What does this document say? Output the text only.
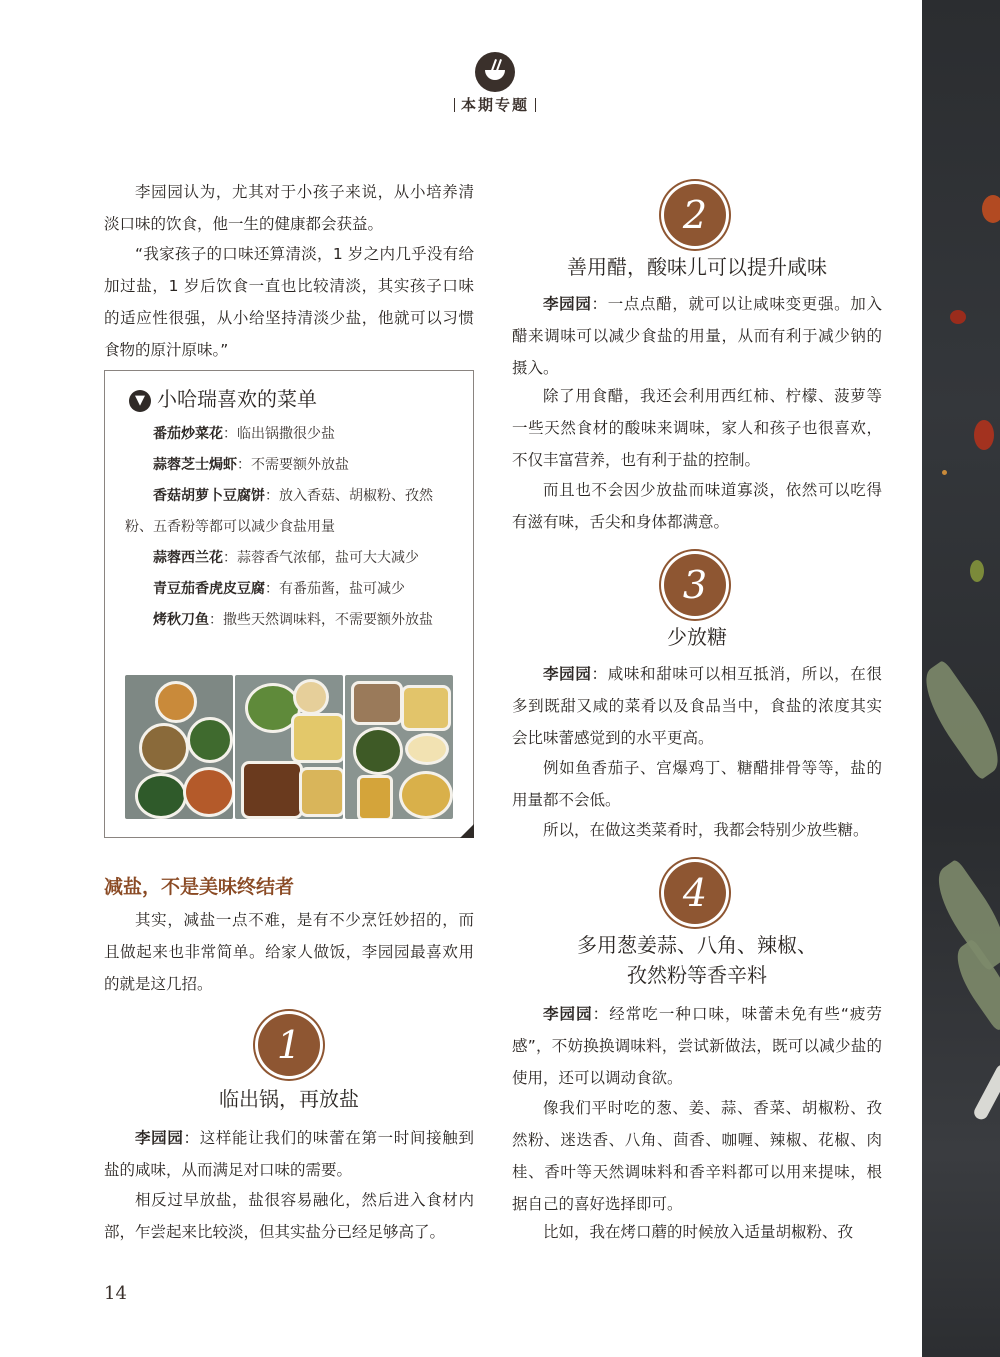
本期专题

李园园认为，尤其对于小孩子来说，从小培养清淡口味的饮食，他一生的健康都会获益。

“我家孩子的口味还算清淡，1 岁之内几乎没有给加过盐，1 岁后饮食一直也比较清淡，其实孩子口味的适应性很强，从小给坚持清淡少盐，他就可以习惯食物的原汁原味。”

▼ 小哈瑞喜欢的菜单
番茄炒菜花：临出锅撒很少盐
蒜蓉芝士焗虾：不需要额外放盐
香菇胡萝卜豆腐饼：放入香菇、胡椒粉、孜然粉、五香粉等都可以减少食盐用量
蒜蓉西兰花：蒜蓉香气浓郁，盐可大大减少
青豆茄香虎皮豆腐：有番茄酱，盐可减少
烤秋刀鱼：撒些天然调味料，不需要额外放盐
减盐，不是美味终结者

其实，减盐一点不难，是有不少烹饪妙招的，而且做起来也非常简单。给家人做饭，李园园最喜欢用的就是这几招。

1
临出锅，再放盐

李园园：这样能让我们的味蕾在第一时间接触到盐的咸味，从而满足对口味的需要。

相反过早放盐，盐很容易融化，然后进入食材内部，乍尝起来比较淡，但其实盐分已经足够高了。

2
善用醋，酸味儿可以提升咸味

李园园：一点点醋，就可以让咸味变更强。加入醋来调味可以减少食盐的用量，从而有利于减少钠的摄入。

除了用食醋，我还会利用西红柿、柠檬、菠萝等一些天然食材的酸味来调味，家人和孩子也很喜欢，不仅丰富营养，也有利于盐的控制。

而且也不会因少放盐而味道寡淡，依然可以吃得有滋有味，舌尖和身体都满意。

3
少放糖

李园园：咸味和甜味可以相互抵消，所以，在很多到既甜又咸的菜肴以及食品当中，食盐的浓度其实会比味蕾感觉到的水平更高。

例如鱼香茄子、宫爆鸡丁、糖醋排骨等等，盐的用量都不会低。

所以，在做这类菜肴时，我都会特别少放些糖。

4
多用葱姜蒜、八角、辣椒、
孜然粉等香辛料

李园园：经常吃一种口味，味蕾未免有些“疲劳感”，不妨换换调味料，尝试新做法，既可以减少盐的使用，还可以调动食欲。

像我们平时吃的葱、姜、蒜、香菜、胡椒粉、孜然粉、迷迭香、八角、茴香、咖喱、辣椒、花椒、肉桂、香叶等天然调味料和香辛料都可以用来提味，根据自己的喜好选择即可。

比如，我在烤口蘑的时候放入适量胡椒粉、孜

14
